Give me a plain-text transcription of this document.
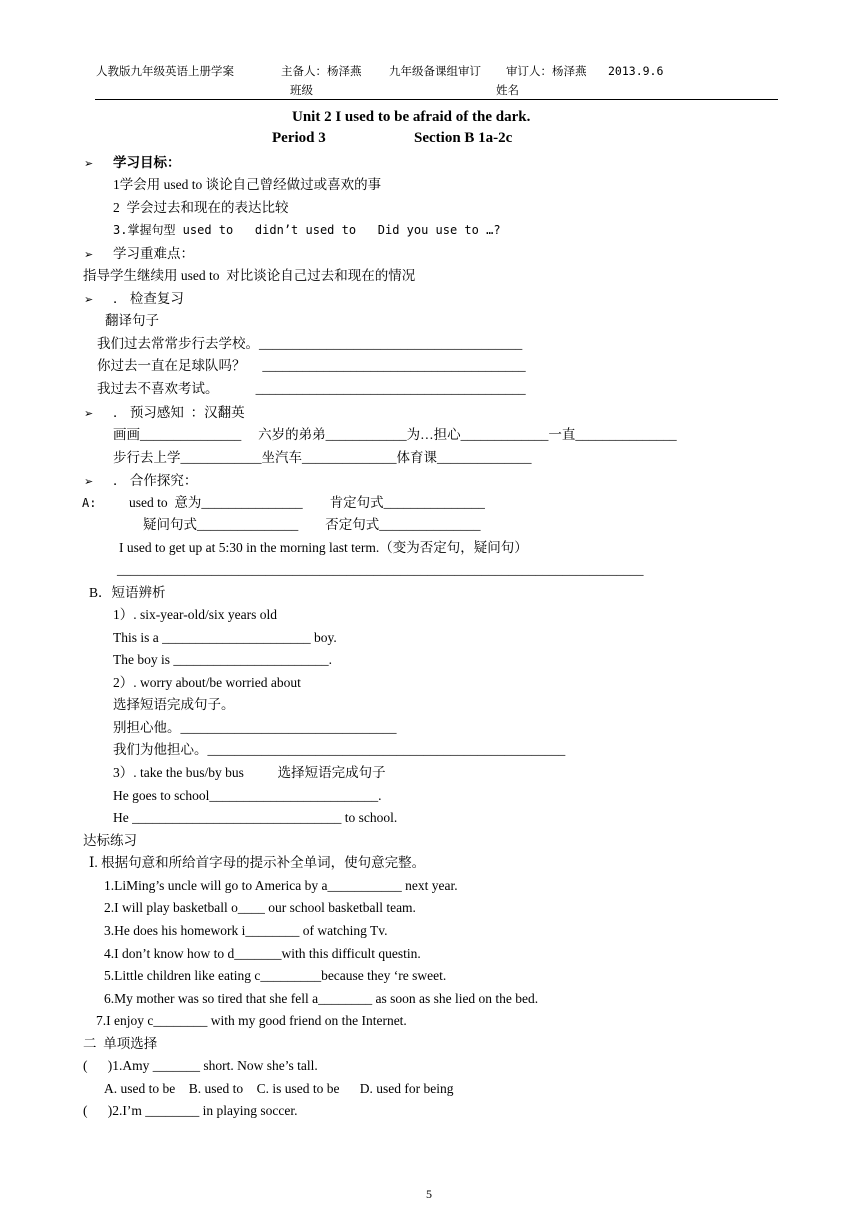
人教版九年级英语上册学案	主备人：杨泽燕 九年级备课组审订 审订人：杨泽燕 2013.9.6
班级	姓名
Unit 2 I used to be afraid of the dark.
Period 3	Section B 1a-2c
➢ 学习目标：
1学会用 used to 谈论自己曾经做过或喜欢的事
2  学会过去和现在的表达比较
3.掌握句型 used to   didn’t used to   Did you use to …?
➢ 学习重难点：
指导学生继续用 used to  对比谈论自己过去和现在的情况
➢ ． 检查复习
翻译句子
我们过去常常步行去学校。_______________________________________
你过去一直在足球队吗？     _______________________________________
我过去不喜欢考试。           ________________________________________
➢ ． 预习感知  ：汉翻英
画画_______________     六岁的弟弟____________为…担心_____________一直_______________
步行去上学____________坐汽车______________体育课______________
➢ ． 合作探究：
A: used to  意为_______________        肯定句式_______________
疑问句式_______________        否定句式_______________
I used to get up at 5:30 in the morning last term.（变为否定句，疑问句）
______________________________________________________________________________
B．短语辨析
1）. six-year-old/six years old
This is a ______________________ boy.
The boy is _______________________.
2）. worry about/be worried about
选择短语完成句子。
别担心他。________________________________
我们为他担心。_____________________________________________________
3）. take the bus/by bus          选择短语完成句子
He goes to school_________________________.
He _______________________________ to school.
达标练习
Ⅰ. 根据句意和所给首字母的提示补全单词，使句意完整。
1.LiMing’s uncle will go to America by a___________ next year.
2.I will play basketball o____ our school basketball team.
3.He does his homework i________ of watching Tv.
4.I don’t know how to d_______with this difficult questin.
5.Little children like eating c_________because they ‘re sweet.
6.My mother was so tired that she fell a________ as soon as she lied on the bed.
7.I enjoy c________ with my good friend on the Internet.
二  单项选择
(      )1.Amy _______ short. Now she’s tall.
A. used to be    B. used to    C. is used to be      D. used for being
(      )2.I’m ________ in playing soccer.
5
